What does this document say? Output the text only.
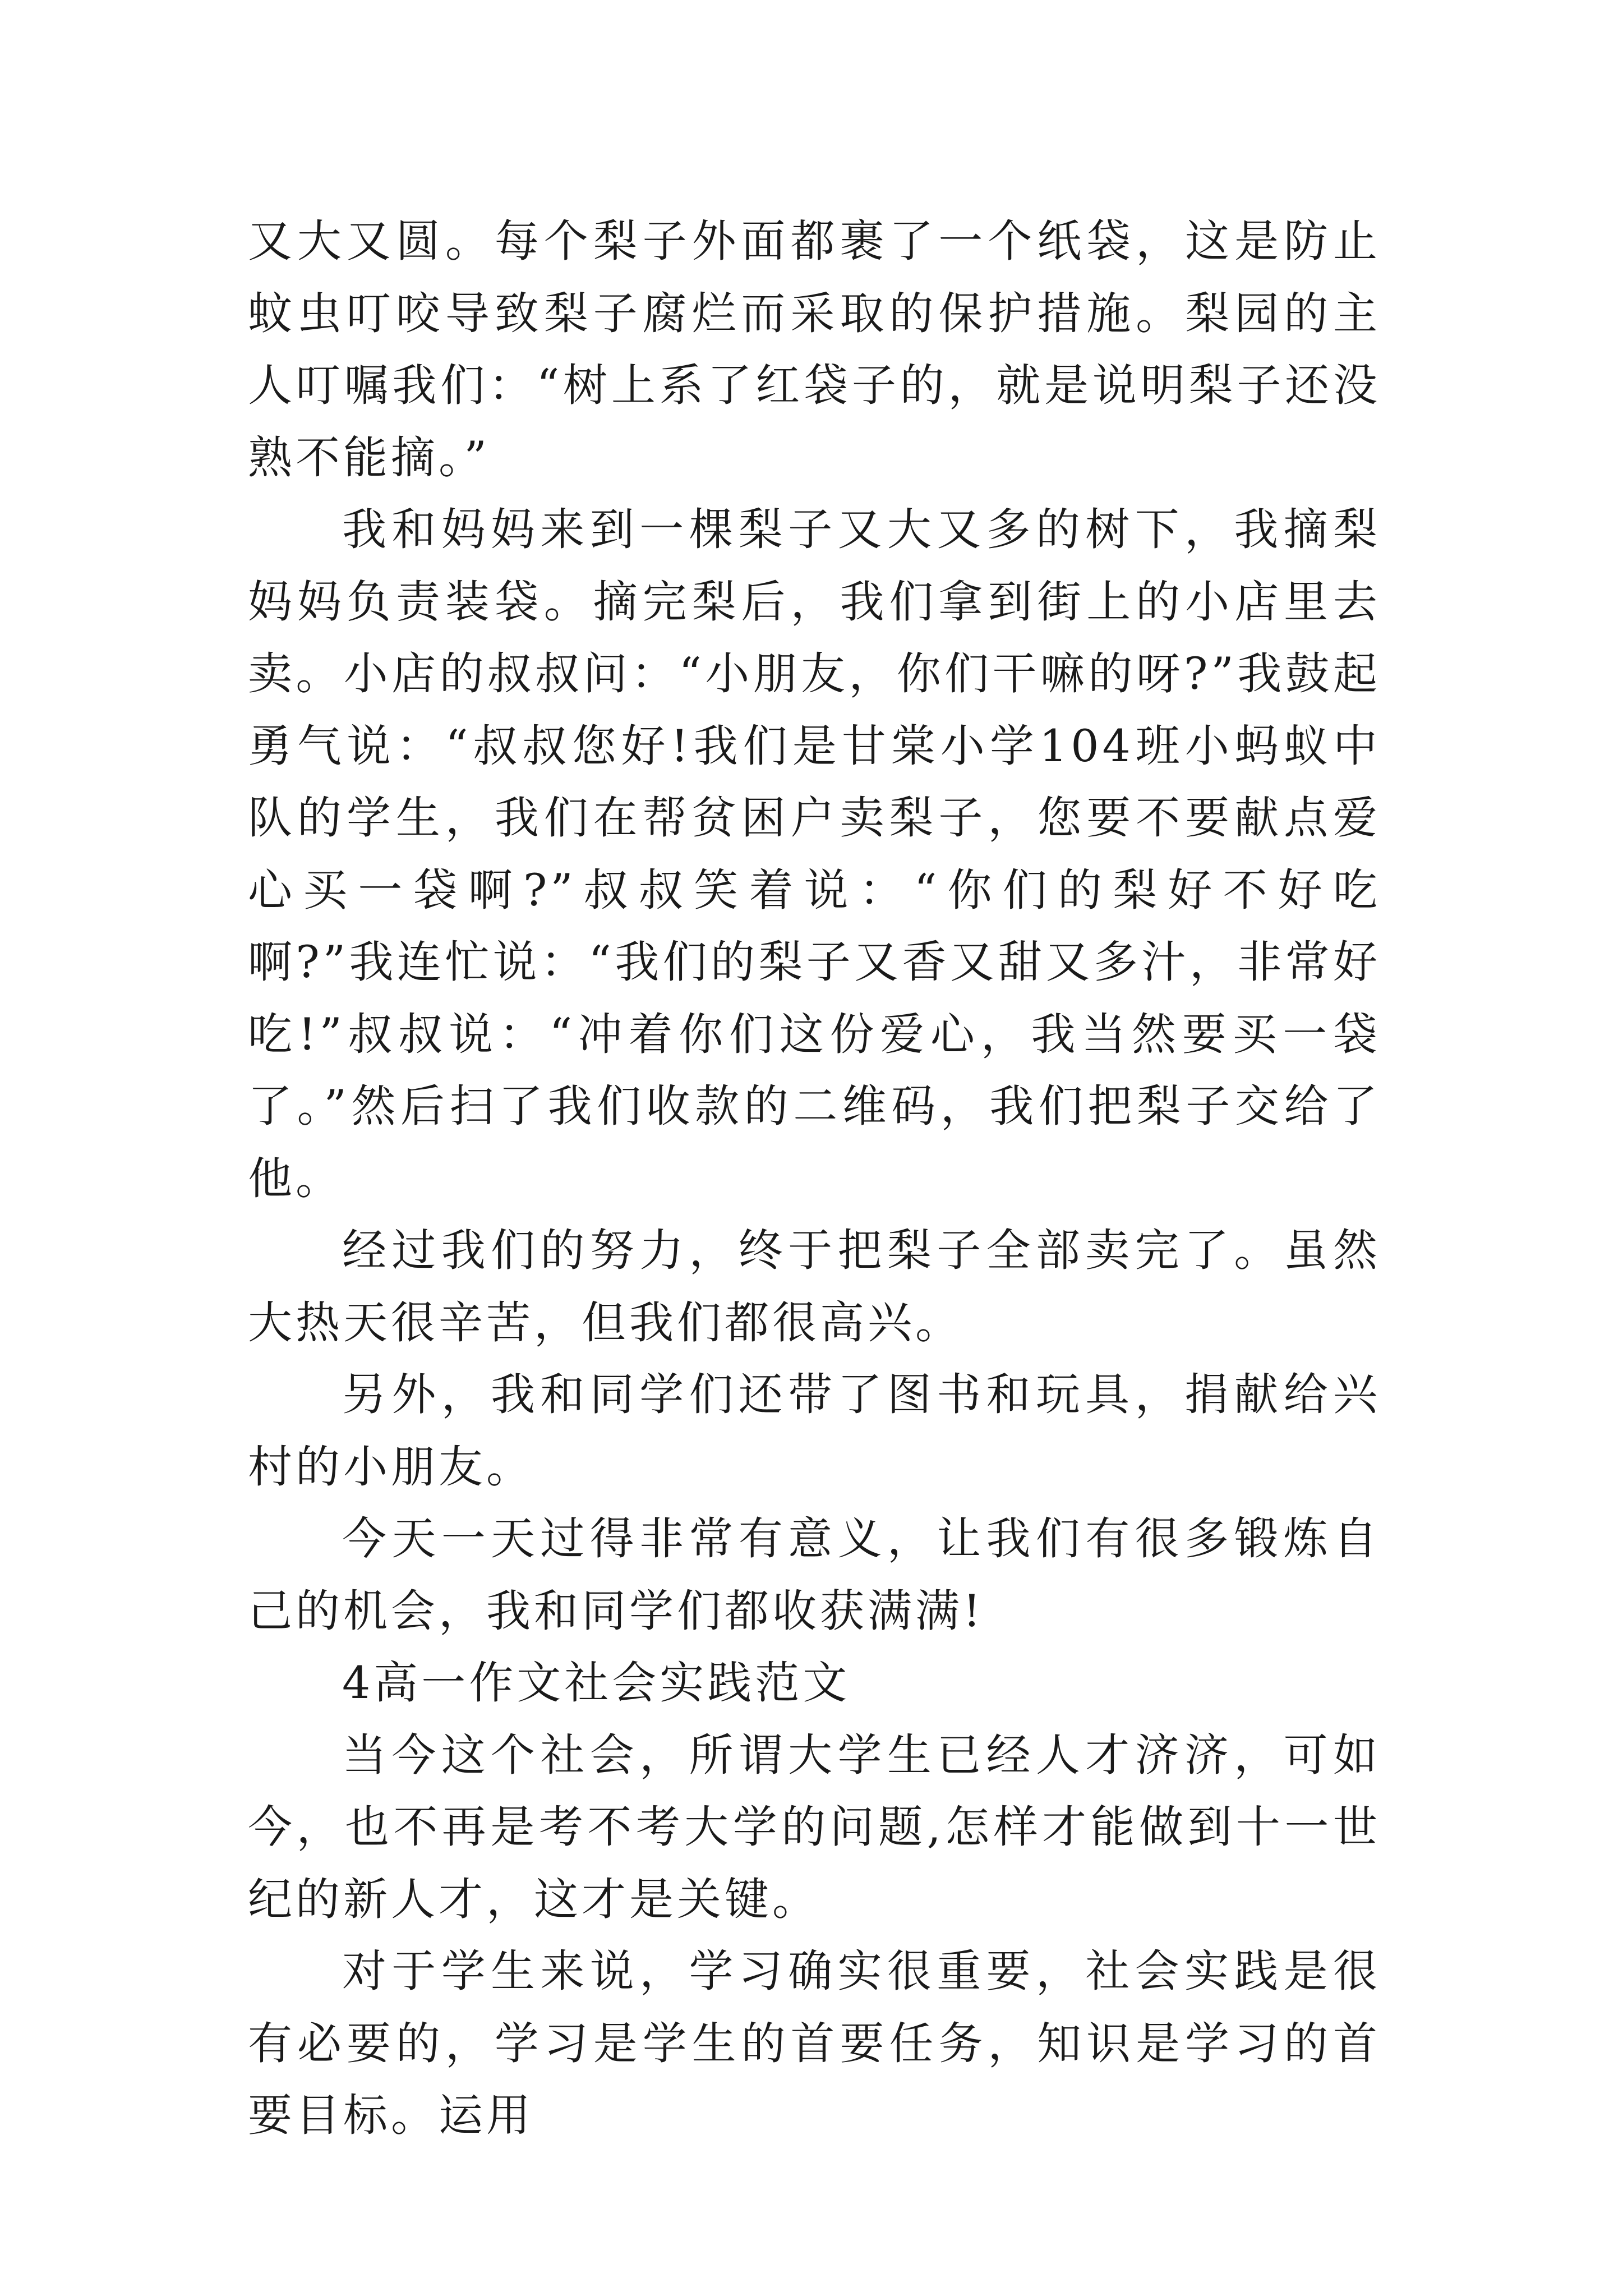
又大又圆。每个梨子外面都裹了一个纸袋，这是防止蚊虫叮咬导致梨子腐烂而采取的保护措施。梨园的主人叮嘱我们：“树上系了红袋子的，就是说明梨子还没熟不能摘。”

我和妈妈来到一棵梨子又大又多的树下，我摘梨妈妈负责装袋。摘完梨后，我们拿到街上的小店里去卖。小店的叔叔问：“小朋友，你们干嘛的呀?”我鼓起勇气说：“叔叔您好!我们是甘棠小学104班小蚂蚁中队的学生，我们在帮贫困户卖梨子，您要不要献点爱心买一袋啊?”叔叔笑着说：“你们的梨好不好吃啊?”我连忙说：“我们的梨子又香又甜又多汁，非常好吃!”叔叔说：“冲着你们这份爱心，我当然要买一袋了。”然后扫了我们收款的二维码，我们把梨子交给了他。

经过我们的努力，终于把梨子全部卖完了。虽然大热天很辛苦，但我们都很高兴。

另外，我和同学们还带了图书和玩具，捐献给兴村的小朋友。

今天一天过得非常有意义，让我们有很多锻炼自己的机会，我和同学们都收获满满!

4高一作文社会实践范文

当今这个社会，所谓大学生已经人才济济，可如今，也不再是考不考大学的问题,怎样才能做到十一世纪的新人才，这才是关键。

对于学生来说，学习确实很重要，社会实践是很有必要的，学习是学生的首要任务，知识是学习的首要目标。运用
